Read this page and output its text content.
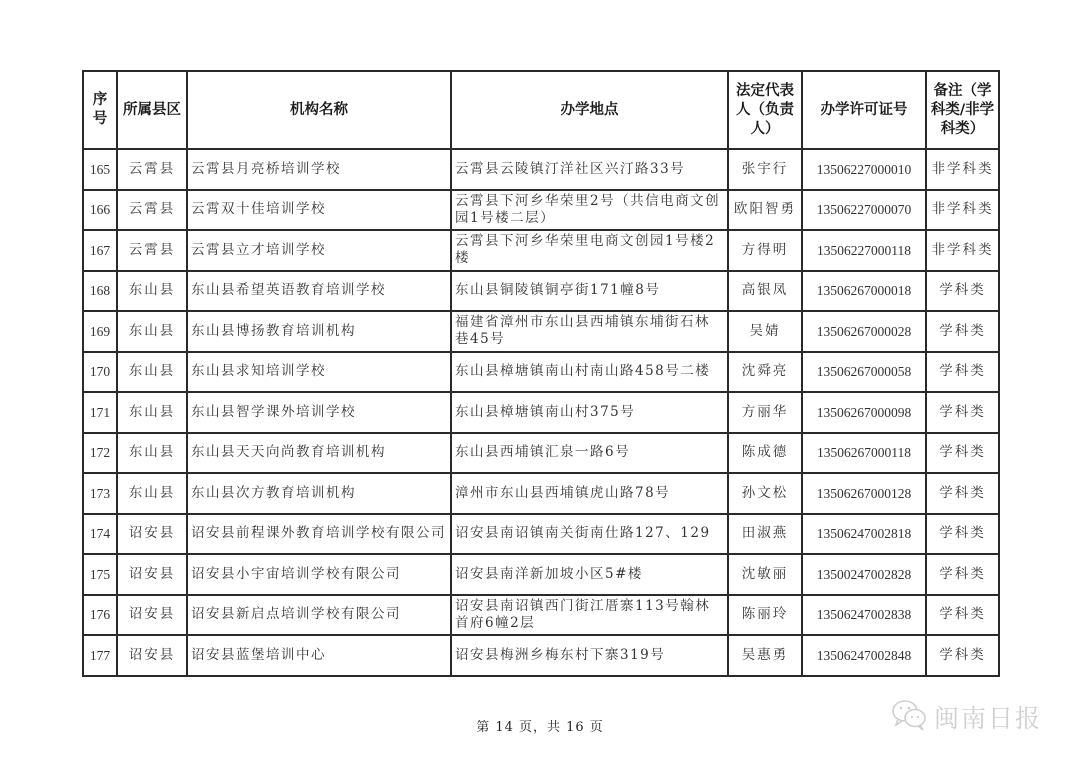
序号	所属县区	机构名称	办学地点	法定代表人（负责人）	办学许可证号	备注（学科类/非学科类）
165	云霄县	云霄县月亮桥培训学校	云霄县云陵镇汀洋社区兴汀路33号	张宇行	13506227000010	非学科类
166	云霄县	云霄双十佳培训学校	云霄县下河乡华荣里2号（共信电商文创园1号楼二层）	欧阳智勇	13506227000070	非学科类
167	云霄县	云霄县立才培训学校	云霄县下河乡华荣里电商文创园1号楼2楼	方得明	13506227000118	非学科类
168	东山县	东山县希望英语教育培训学校	东山县铜陵镇铜亭街171幢8号	高银凤	13506267000018	学科类
169	东山县	东山县博扬教育培训机构	福建省漳州市东山县西埔镇东埔街石林巷45号	吴婧	13506267000028	学科类
170	东山县	东山县求知培训学校	东山县樟塘镇南山村南山路458号二楼	沈舜亮	13506267000058	学科类
171	东山县	东山县智学课外培训学校	东山县樟塘镇南山村375号	方丽华	13506267000098	学科类
172	东山县	东山县天天向尚教育培训机构	东山县西埔镇汇泉一路6号	陈成德	13506267000118	学科类
173	东山县	东山县次方教育培训机构	漳州市东山县西埔镇虎山路78号	孙文松	13506267000128	学科类
174	诏安县	诏安县前程课外教育培训学校有限公司	诏安县南诏镇南关街南仕路127、129	田淑燕	13506247002818	学科类
175	诏安县	诏安县小宇宙培训学校有限公司	诏安县南洋新加坡小区5#楼	沈敏丽	13500247002828	学科类
176	诏安县	诏安县新启点培训学校有限公司	诏安县南诏镇西门街江厝寨113号翰林首府6幢2层	陈丽玲	13506247002838	学科类
177	诏安县	诏安县蓝堡培训中心	诏安县梅洲乡梅东村下寨319号	吴惠勇	13506247002848	学科类
第 14 页，共 16 页	闽南日报
